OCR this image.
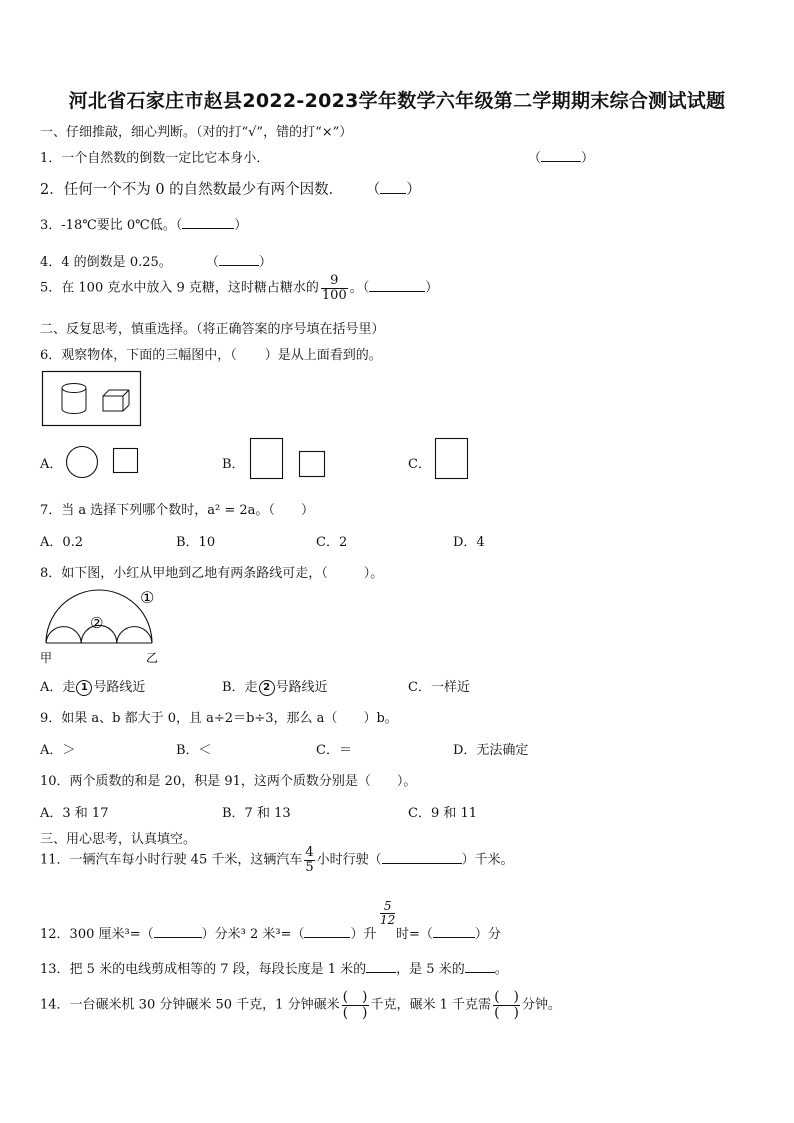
河北省石家庄市赵县2022-2023学年数学六年级第二学期期末综合测试试题
一、仔细推敲，细心判断。（对的打“√”，错的打“×”）
1．一个自然数的倒数一定比它本身小．	（	）
2．任何一个不为 0 的自然数最少有两个因数． （ ）
3．-18℃要比 0℃低。（	）
4．4 的倒数是 0.25。	（	）
5．在 100 克水中放入 9 克糖，这时糖占糖水的 $\frac{9}{100}$ 。（	）
二、反复思考，慎重选择。（将正确答案的序号填在括号里）
6．观察物体，下面的三幅图中，（ ）是从上面看到的。
A．	B．	C．
7．当 a 选择下列哪个数时，a² = 2a。（ ）
A．0.2	B．10	C．2	D．4
8．如下图，小红从甲地到乙地有两条路线可走，（	）。
①
②
甲	乙
A．走 1 号路线近	B．走 2 号路线近	C．一样近
9．如果 a、b 都大于 0，且 a÷2＝b÷3，那么 a（ ）b。
A．＞	B．＜	C．＝	D．无法确定
10．两个质数的和是 20，积是 91，这两个质数分别是（ ）。
A．3 和 17	B．7 和 13	C．9 和 11
三、用心思考，认真填空。
11．一辆汽车每小时行驶 45 千米，这辆汽车 $\frac{4}{5}$ 小时行驶（	）千米。
12．300 厘米³=（	）分米³ 2 米³=（	）升
5
12
时=（	）分
13．把 5 米的电线剪成相等的 7 段，每段长度是 1 米的 ，是 5 米的 。
14．一台碾米机 30 分钟碾米 50 千克，1 分钟碾米 $\frac{( )}{( )}$ 千克，碾米 1 千克需 $\frac{( )}{( )}$ 分钟。
